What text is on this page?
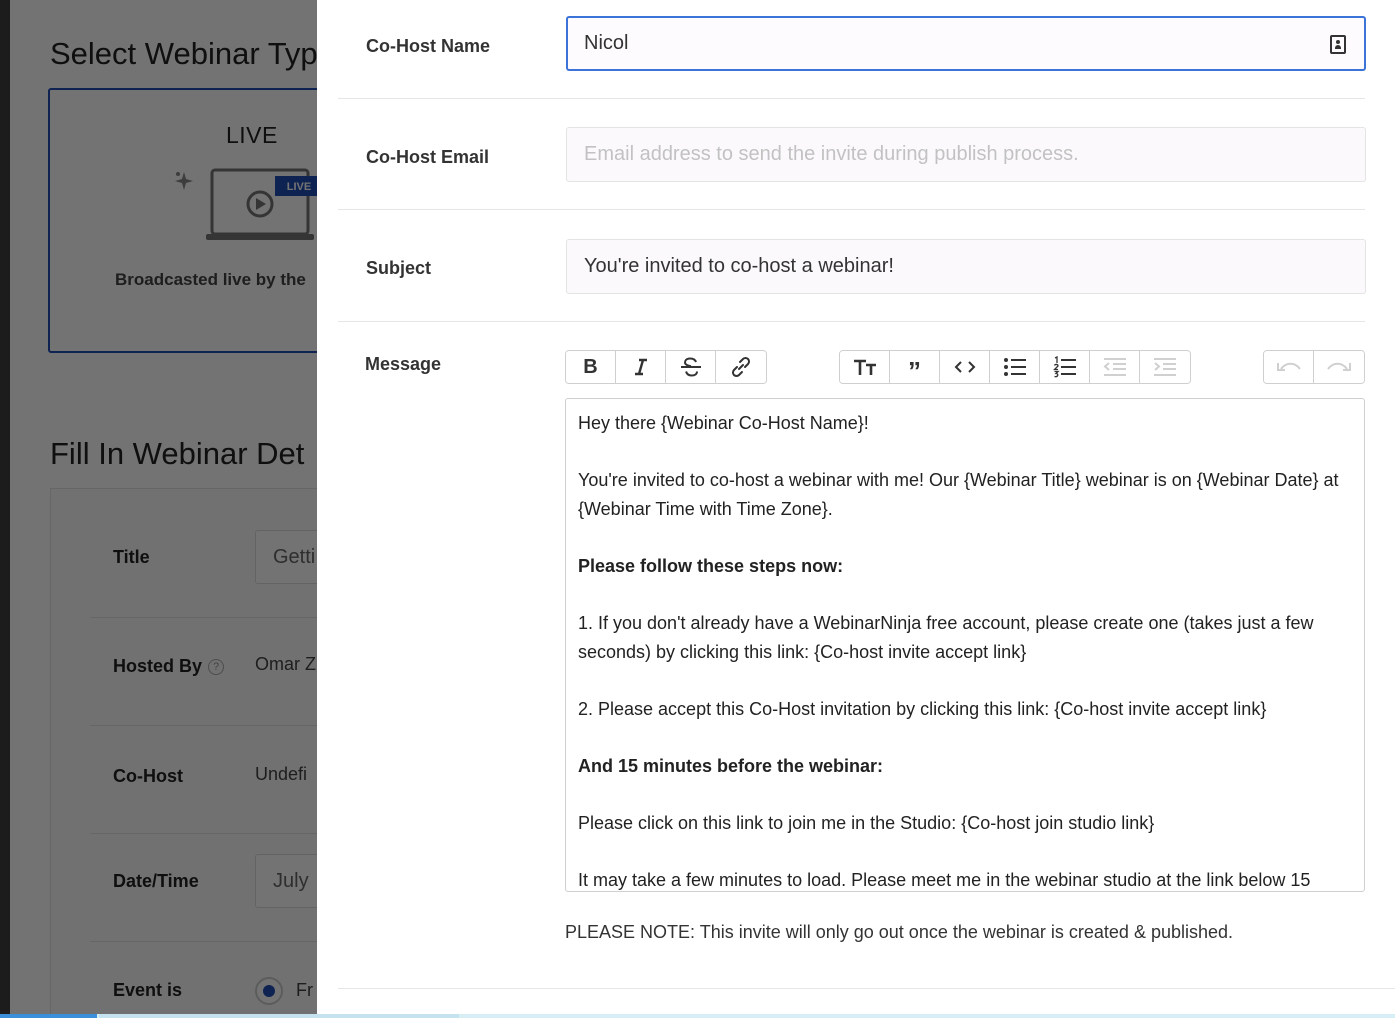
Co-Host Name	Nicol
Co-Host Email	Email address to send the invite during publish process.
Subject	You're invited to co-host a webinar!
Message	B	”

Hey there {Webinar Co-Host Name}!

You're invited to co-host a webinar with me! Our {Webinar Title} webinar is on {Webinar Date} at {Webinar Time with Time Zone}.

Please follow these steps now:

1. If you don't already have a WebinarNinja free account, please create one (takes just a few seconds) by clicking this link: {Co-host invite accept link}

2. Please accept this Co-Host invitation by clicking this link: {Co-host invite accept link}

And 15 minutes before the webinar:

Please click on this link to join me in the Studio: {Co-host join studio link}

It may take a few minutes to load. Please meet me in the webinar studio at the link below 15

PLEASE NOTE: This invite will only go out once the webinar is created & published.
